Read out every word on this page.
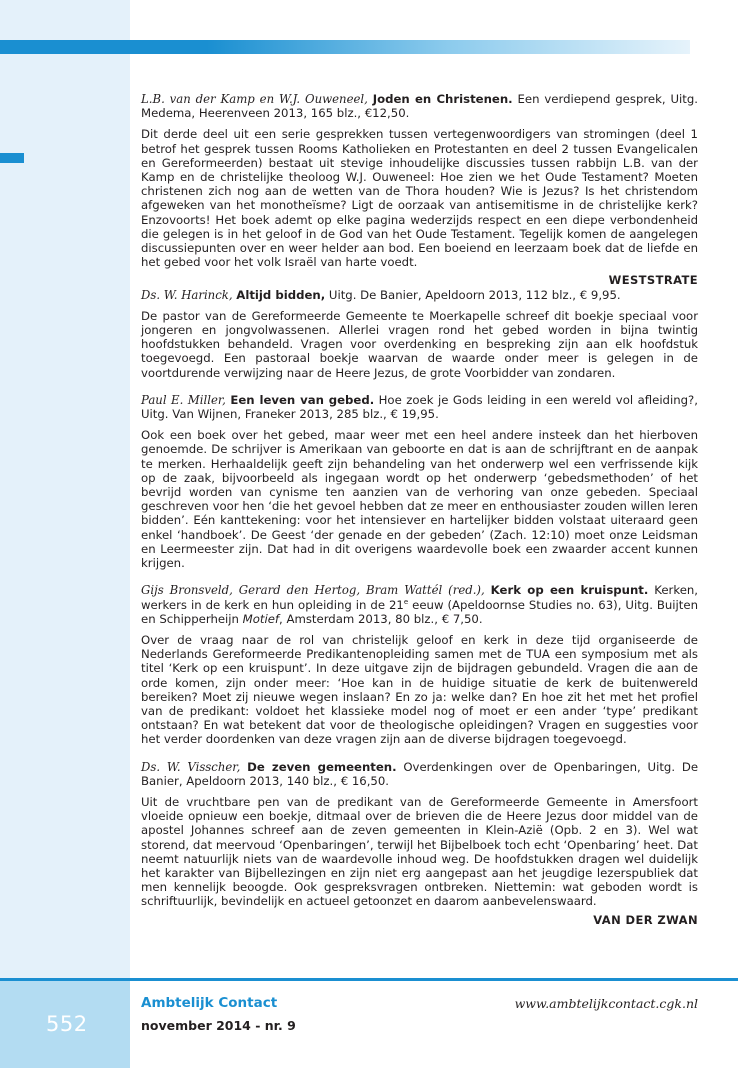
L.B. van der Kamp en W.J. Ouweneel, Joden en Christenen. Een verdiepend gesprek, Uitg. Medema, Heerenveen 2013, 165 blz., €12,50.

Dit derde deel uit een serie gesprekken tussen vertegenwoordigers van stromingen (deel 1 betrof het gesprek tussen Rooms Katholieken en Protestanten en deel 2 tussen Evangelicalen en Gereformeerden) bestaat uit stevige inhoudelijke discussies tussen rabbijn L.B. van der Kamp en de christelijke theoloog W.J. Ouweneel: Hoe zien we het Oude Testament? Moeten christenen zich nog aan de wetten van de Thora houden? Wie is Jezus? Is het christendom afgeweken van het monotheïsme? Ligt de oorzaak van antisemitisme in de christelijke kerk? Enzovoorts! Het boek ademt op elke pagina wederzijds respect en een diepe verbondenheid die gelegen is in het geloof in de God van het Oude Testament. Tegelijk komen de aangelegen discussiepunten over en weer helder aan bod. Een boeiend en leerzaam boek dat de liefde en het gebed voor het volk Israël van harte voedt.

WESTSTRATE

Ds. W. Harinck, Altijd bidden, Uitg. De Banier, Apeldoorn 2013, 112 blz., € 9,95.

De pastor van de Gereformeerde Gemeente te Moerkapelle schreef dit boekje speciaal voor jongeren en jongvolwassenen. Allerlei vragen rond het gebed worden in bijna twintig hoofdstukken behandeld. Vragen voor overdenking en bespreking zijn aan elk hoofdstuk toegevoegd. Een pastoraal boekje waarvan de waarde onder meer is gelegen in de voortdurende verwijzing naar de Heere Jezus, de grote Voorbidder van zondaren.

Paul E. Miller, Een leven van gebed. Hoe zoek je Gods leiding in een wereld vol afleiding?, Uitg. Van Wijnen, Franeker 2013, 285 blz., € 19,95.

Ook een boek over het gebed, maar weer met een heel andere insteek dan het hierboven genoemde. De schrijver is Amerikaan van geboorte en dat is aan de schrijftrant en de aanpak te merken. Herhaaldelijk geeft zijn behandeling van het onderwerp wel een verfrissende kijk op de zaak, bijvoorbeeld als ingegaan wordt op het onderwerp ‘gebedsmethoden’ of het bevrijd worden van cynisme ten aanzien van de verhoring van onze gebeden. Speciaal geschreven voor hen ‘die het gevoel hebben dat ze meer en enthousiaster zouden willen leren bidden’. Eén kanttekening: voor het intensiever en hartelijker bidden volstaat uiteraard geen enkel ‘handboek’. De Geest ‘der genade en der gebeden’ (Zach. 12:10) moet onze Leidsman en Leermeester zijn. Dat had in dit overigens waardevolle boek een zwaarder accent kunnen krijgen.

Gijs Bronsveld, Gerard den Hertog, Bram Wattél (red.), Kerk op een kruispunt. Kerken, werkers in de kerk en hun opleiding in de 21e eeuw (Apeldoornse Studies no. 63), Uitg. Buijten en Schipperheijn Motief, Amsterdam 2013, 80 blz., € 7,50.

Over de vraag naar de rol van christelijk geloof en kerk in deze tijd organiseerde de Nederlands Gereformeerde Predikantenopleiding samen met de TUA een symposium met als titel ‘Kerk op een kruispunt’. In deze uitgave zijn de bijdragen gebundeld. Vragen die aan de orde komen, zijn onder meer: ‘Hoe kan in de huidige situatie de kerk de buitenwereld bereiken? Moet zij nieuwe wegen inslaan? En zo ja: welke dan? En hoe zit het met het profiel van de predikant: voldoet het klassieke model nog of moet er een ander ‘type’ predikant ontstaan? En wat betekent dat voor de theologische opleidingen? Vragen en suggesties voor het verder doordenken van deze vragen zijn aan de diverse bijdragen toegevoegd.

Ds. W. Visscher, De zeven gemeenten. Overdenkingen over de Openbaringen, Uitg. De Banier, Apeldoorn 2013, 140 blz., € 16,50.

Uit de vruchtbare pen van de predikant van de Gereformeerde Gemeente in Amersfoort vloeide opnieuw een boekje, ditmaal over de brieven die de Heere Jezus door middel van de apostel Johannes schreef aan de zeven gemeenten in Klein-Azië (Opb. 2 en 3). Wel wat storend, dat meervoud ‘Openbaringen’, terwijl het Bijbelboek toch echt ‘Openbaring’ heet. Dat neemt natuurlijk niets van de waardevolle inhoud weg. De hoofdstukken dragen wel duidelijk het karakter van Bijbellezingen en zijn niet erg aangepast aan het jeugdige lezerspubliek dat men kennelijk beoogde. Ook gespreksvragen ontbreken. Niettemin: wat geboden wordt is schriftuurlijk, bevindelijk en actueel getoonzet en daarom aanbevelenswaard.

VAN DER ZWAN

552
Ambtelijk Contact
november 2014 - nr. 9
www.ambtelijkcontact.cgk.nl
